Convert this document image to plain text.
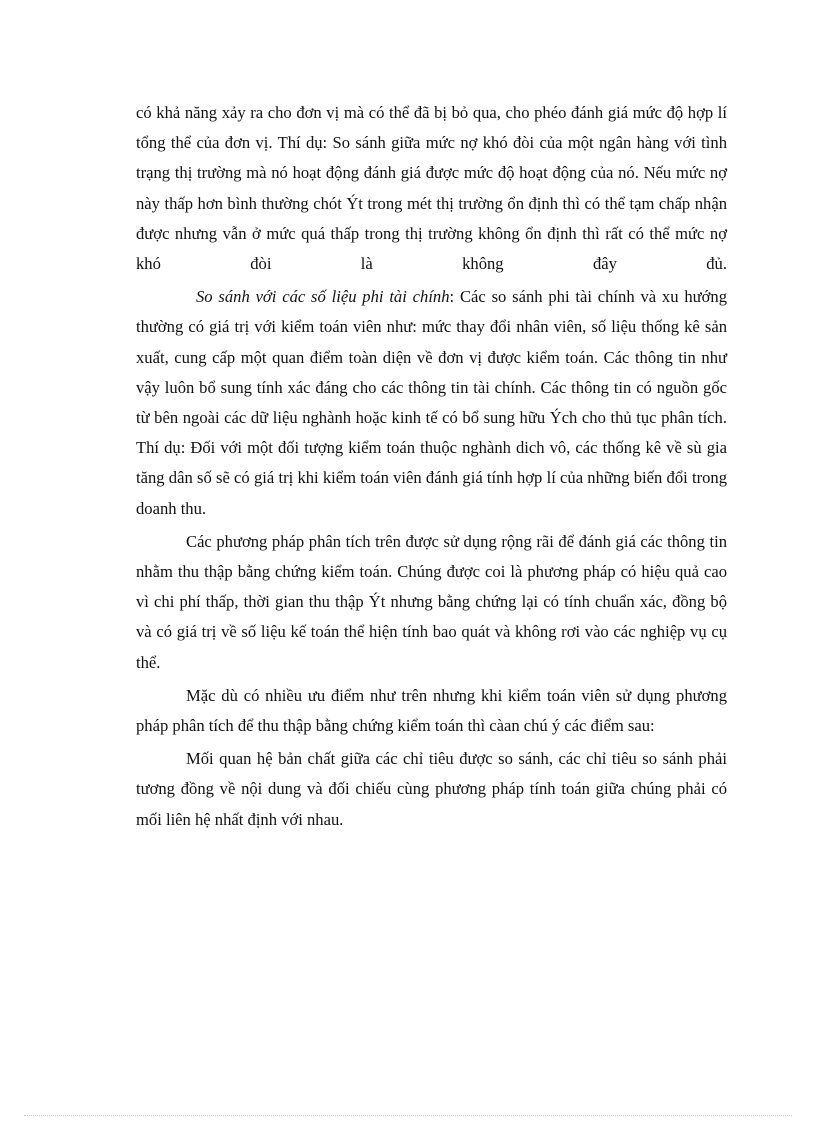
có khả năng xảy ra cho đơn vị mà có thể đã bị bỏ qua, cho phéo đánh giá mức độ hợp lí tổng thể của đơn vị. Thí dụ: So sánh giữa mức nợ khó đòi của một ngân hàng với tình trạng thị trường mà nó hoạt động đánh giá được mức độ hoạt động của nó. Nếu mức nợ này thấp hơn bình thường chót Ýt trong mét thị trường ổn định thì có thể tạm chấp nhận được nhưng vẫn ở mức quá thấp trong thị trường không ổn định thì rất có thể mức nợ khó đòi là không đây đủ.

So sánh với các số liệu phi tài chính: Các so sánh phi tài chính và xu hướng thường có giá trị với kiểm toán viên như: mức thay đổi nhân viên, số liệu thống kê sản xuất, cung cấp một quan điểm toàn diện về đơn vị được kiểm toán. Các thông tin như vậy luôn bổ sung tính xác đáng cho các thông tin tài chính. Các thông tin có nguồn gốc từ bên ngoài các dữ liệu nghành hoặc kinh tế có bổ sung hữu Ých cho thủ tục phân tích. Thí dụ: Đối với một đối tượng kiểm toán thuộc nghành dich vô, các thống kê về sù gia tăng dân số sẽ có giá trị khi kiểm toán viên đánh giá tính hợp lí của những biến đổi trong doanh thu.

Các phương pháp phân tích trên được sử dụng rộng rãi để đánh giá các thông tin nhằm thu thập bằng chứng kiểm toán. Chúng được coi là phương pháp có hiệu quả cao vì chi phí thấp, thời gian thu thập Ýt nhưng bằng chứng lại có tính chuẩn xác, đồng bộ và có giá trị về số liệu kế toán thể hiện tính bao quát và không rơi vào các nghiệp vụ cụ thể.

Mặc dù có nhiều ưu điểm như trên nhưng khi kiểm toán viên sử dụng phương pháp phân tích để thu thập bằng chứng kiểm toán thì càan chú ý các điểm sau:

Mối quan hệ bản chất giữa các chỉ tiêu được so sánh, các chỉ tiêu so sánh phải tương đồng về nội dung và đối chiếu cùng phương pháp tính toán giữa chúng phải có mối liên hệ nhất định với nhau.
